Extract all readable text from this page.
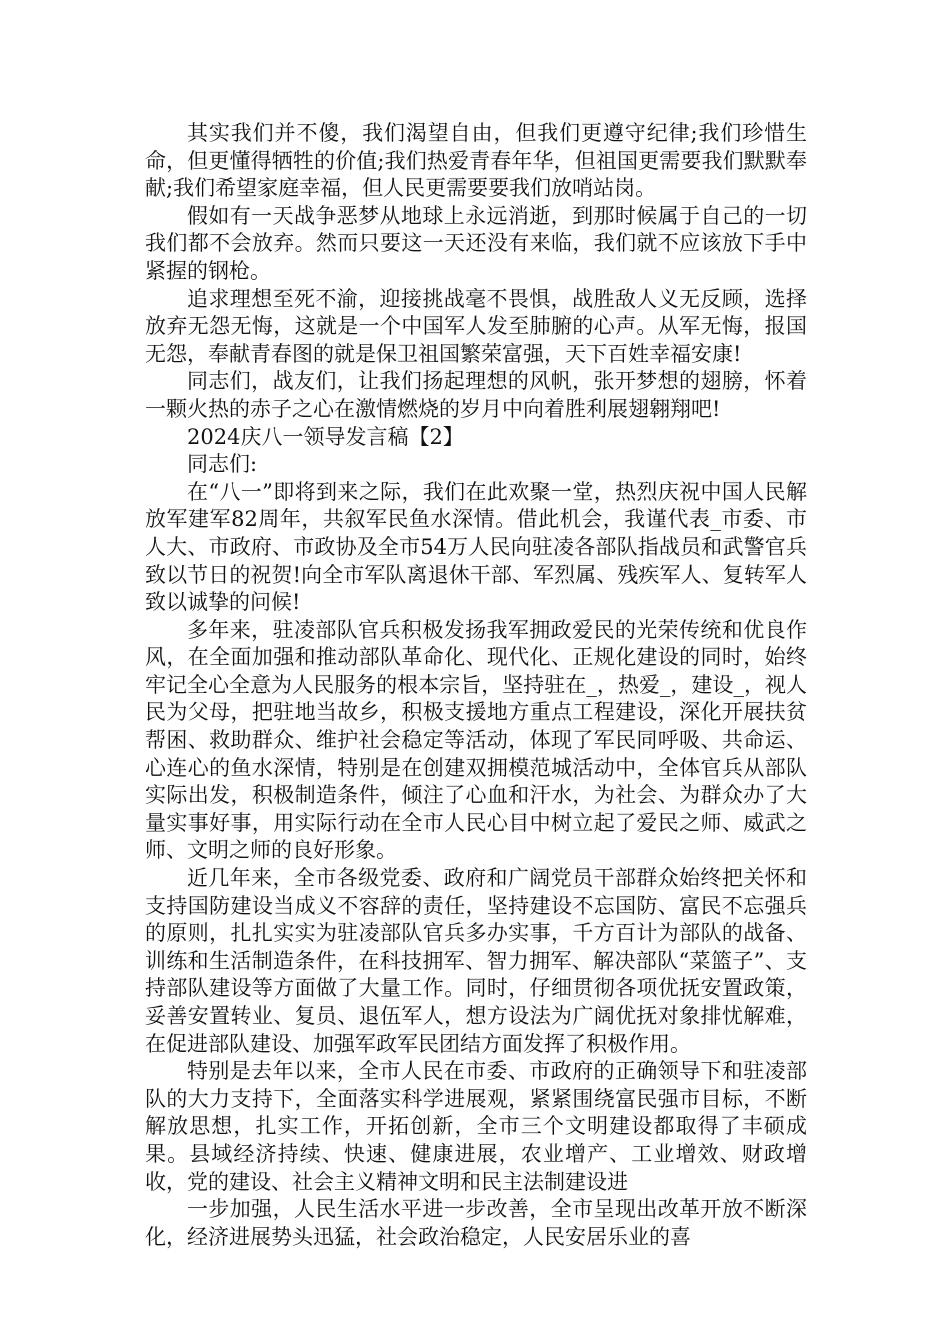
其实我们并不傻，我们渴望自由，但我们更遵守纪律;我们珍惜生命，但更懂得牺牲的价值;我们热爱青春年华，但祖国更需要我们默默奉献;我们希望家庭幸福，但人民更需要要我们放哨站岗。

假如有一天战争恶梦从地球上永远消逝，到那时候属于自己的一切我们都不会放弃。然而只要这一天还没有来临，我们就不应该放下手中紧握的钢枪。

追求理想至死不渝，迎接挑战毫不畏惧，战胜敌人义无反顾，选择放弃无怨无悔，这就是一个中国军人发至肺腑的心声。从军无悔，报国无怨，奉献青春图的就是保卫祖国繁荣富强，天下百姓幸福安康!

同志们，战友们，让我们扬起理想的风帆，张开梦想的翅膀，怀着一颗火热的赤子之心在激情燃烧的岁月中向着胜利展翅翱翔吧!

2024庆八一领导发言稿【2】

同志们:

在“八一”即将到来之际，我们在此欢聚一堂，热烈庆祝中国人民解放军建军82周年，共叙军民鱼水深情。借此机会，我谨代表_市委、市人大、市政府、市政协及全市54万人民向驻凌各部队指战员和武警官兵致以节日的祝贺!向全市军队离退休干部、军烈属、残疾军人、复转军人致以诚挚的问候!

多年来，驻凌部队官兵积极发扬我军拥政爱民的光荣传统和优良作风，在全面加强和推动部队革命化、现代化、正规化建设的同时，始终牢记全心全意为人民服务的根本宗旨，坚持驻在_，热爱_，建设_，视人民为父母，把驻地当故乡，积极支援地方重点工程建设，深化开展扶贫帮困、救助群众、维护社会稳定等活动，体现了军民同呼吸、共命运、心连心的鱼水深情，特别是在创建双拥模范城活动中，全体官兵从部队实际出发，积极制造条件，倾注了心血和汗水，为社会、为群众办了大量实事好事，用实际行动在全市人民心目中树立起了爱民之师、威武之师、文明之师的良好形象。

近几年来，全市各级党委、政府和广阔党员干部群众始终把关怀和支持国防建设当成义不容辞的责任，坚持建设不忘国防、富民不忘强兵的原则，扎扎实实为驻凌部队官兵多办实事，千方百计为部队的战备、训练和生活制造条件，在科技拥军、智力拥军、解决部队“菜篮子”、支持部队建设等方面做了大量工作。同时，仔细贯彻各项优抚安置政策，妥善安置转业、复员、退伍军人，想方设法为广阔优抚对象排忧解难，在促进部队建设、加强军政军民团结方面发挥了积极作用。

特别是去年以来，全市人民在市委、市政府的正确领导下和驻凌部队的大力支持下，全面落实科学进展观，紧紧围绕富民强市目标，不断解放思想，扎实工作，开拓创新，全市三个文明建设都取得了丰硕成果。县域经济持续、快速、健康进展，农业增产、工业增效、财政增收，党的建设、社会主义精神文明和民主法制建设进

一步加强，人民生活水平进一步改善，全市呈现出改革开放不断深化，经济进展势头迅猛，社会政治稳定，人民安居乐业的喜
